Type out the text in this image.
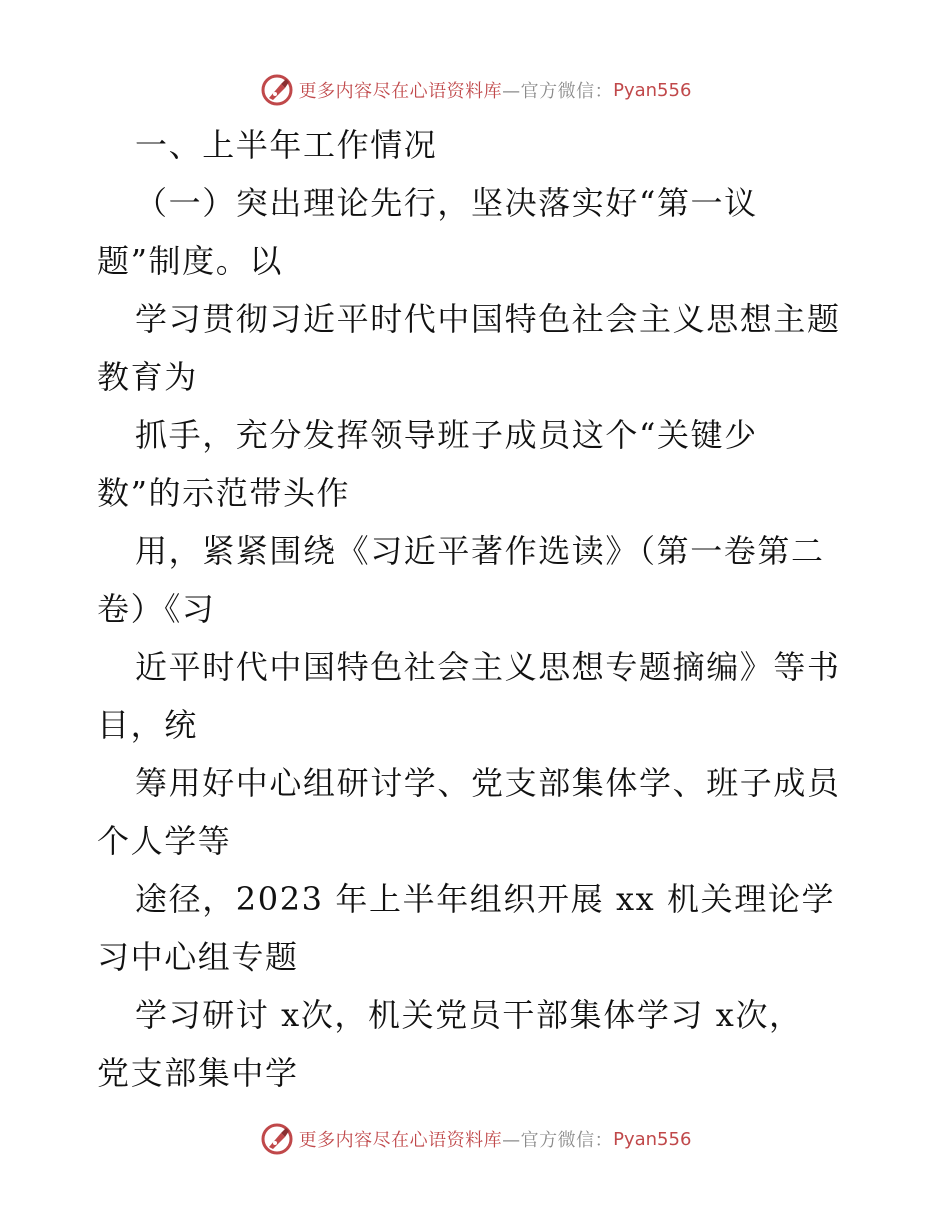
更多内容尽在心语资料库 —官方微信： Pyan556
一、上半年工作情况
（一）突出理论先行，坚决落实好“第一议
题”制度。以
学习贯彻习近平时代中国特色社会主义思想主题
教育为
抓手，充分发挥领导班子成员这个“关键少
数”的示范带头作
用，紧紧围绕《习近平著作选读》（第一卷第二
卷）《习
近平时代中国特色社会主义思想专题摘编》等书
目，统
筹用好中心组研讨学、党支部集体学、班子成员
个人学等
途径，2023 年上半年组织开展 xx 机关理论学
习中心组专题
学习研讨 x次，机关党员干部集体学习 x次，
党支部集中学
更多内容尽在心语资料库 —官方微信： Pyan556
